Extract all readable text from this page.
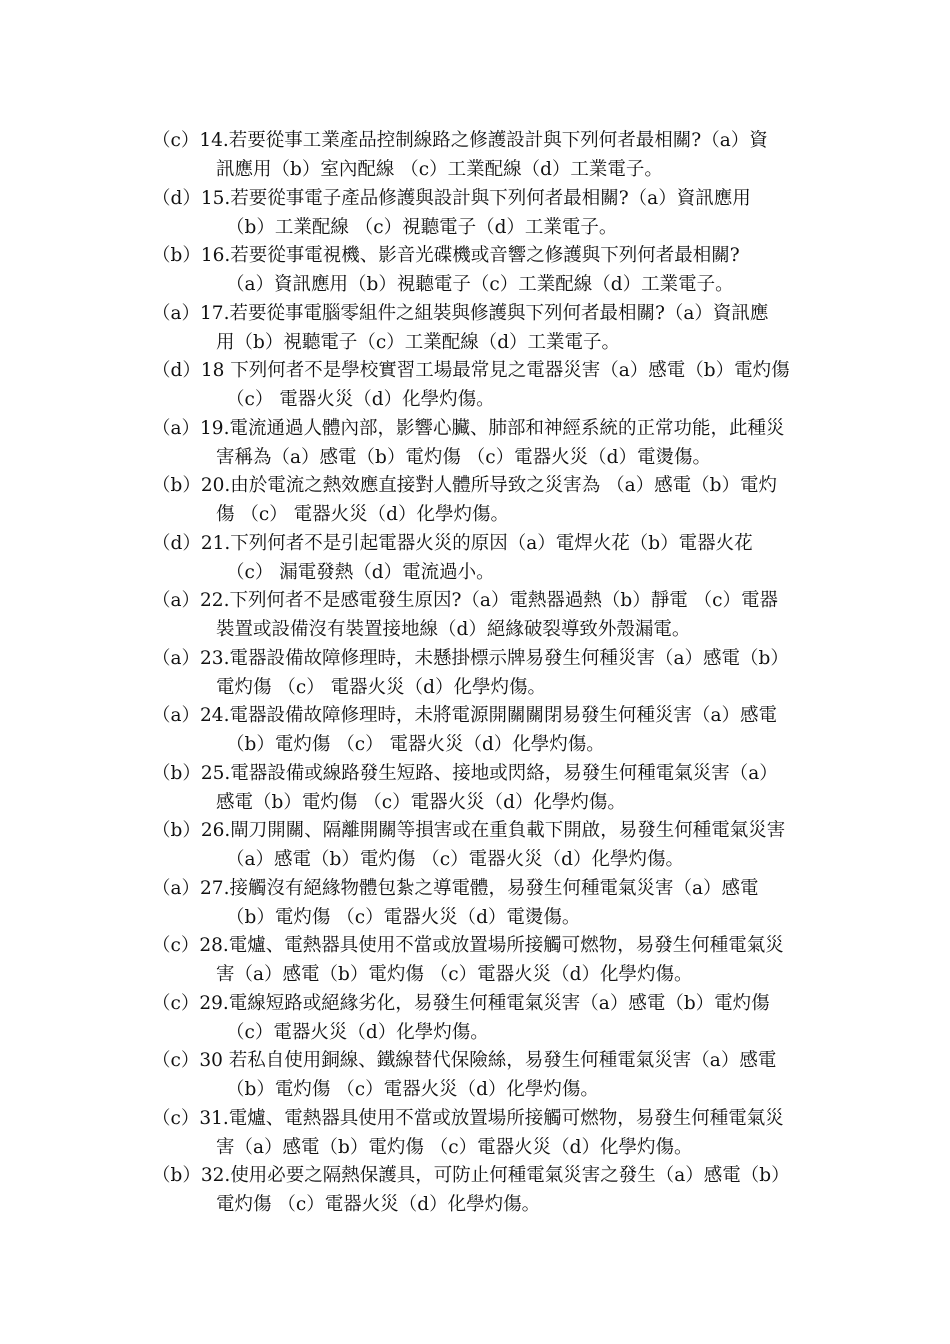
（c）14.若要從事工業產品控制線路之修護設計與下列何者最相關?（a）資
訊應用（b）室內配線 （c）工業配線（d）工業電子。
（d）15.若要從事電子產品修護與設計與下列何者最相關?（a）資訊應用
（b）工業配線 （c）視聽電子（d）工業電子。
（b）16.若要從事電視機、影音光碟機或音響之修護與下列何者最相關?
（a）資訊應用（b）視聽電子（c）工業配線（d）工業電子。
（a）17.若要從事電腦零組件之組裝與修護與下列何者最相關?（a）資訊應
用（b）視聽電子（c）工業配線（d）工業電子。
（d）18 下列何者不是學校實習工場最常見之電器災害（a）感電（b）電灼傷
（c） 電器火災（d）化學灼傷。
（a）19.電流通過人體內部，影響心臟、肺部和神經系統的正常功能，此種災
害稱為（a）感電（b）電灼傷 （c）電器火災（d）電燙傷。
（b）20.由於電流之熱效應直接對人體所导致之災害為 （a）感電（b）電灼
傷 （c） 電器火災（d）化學灼傷。
（d）21.下列何者不是引起電器火災的原因（a）電焊火花（b）電器火花
（c） 漏電發熱（d）電流過小。
（a）22.下列何者不是感電發生原因?（a）電熱器過熱（b）靜電 （c）電器
裝置或設備沒有裝置接地線（d）絕緣破裂導致外殼漏電。
（a）23.電器設備故障修理時，未懸掛標示牌易發生何種災害（a）感電（b）
電灼傷 （c） 電器火災（d）化學灼傷。
（a）24.電器設備故障修理時，未將電源開關關閉易發生何種災害（a）感電
（b）電灼傷 （c） 電器火災（d）化學灼傷。
（b）25.電器設備或線路發生短路、接地或閃絡，易發生何種電氣災害（a）
感電（b）電灼傷 （c）電器火災（d）化學灼傷。
（b）26.閘刀開關、隔離開關等損害或在重負載下開啟，易發生何種電氣災害
（a）感電（b）電灼傷 （c）電器火災（d）化學灼傷。
（a）27.接觸沒有絕緣物體包紮之導電體，易發生何種電氣災害（a）感電
（b）電灼傷 （c）電器火災（d）電燙傷。
（c）28.電爐、電熱器具使用不當或放置場所接觸可燃物，易發生何種電氣災
害（a）感電（b）電灼傷 （c）電器火災（d）化學灼傷。
（c）29.電線短路或絕緣劣化，易發生何種電氣災害（a）感電（b）電灼傷
（c）電器火災（d）化學灼傷。
（c）30 若私自使用銅線、鐵線替代保險絲，易發生何種電氣災害（a）感電
（b）電灼傷 （c）電器火災（d）化學灼傷。
（c）31.電爐、電熱器具使用不當或放置場所接觸可燃物，易發生何種電氣災
害（a）感電（b）電灼傷 （c）電器火災（d）化學灼傷。
（b）32.使用必要之隔熱保護具，可防止何種電氣災害之發生（a）感電（b）
電灼傷 （c）電器火災（d）化學灼傷。
